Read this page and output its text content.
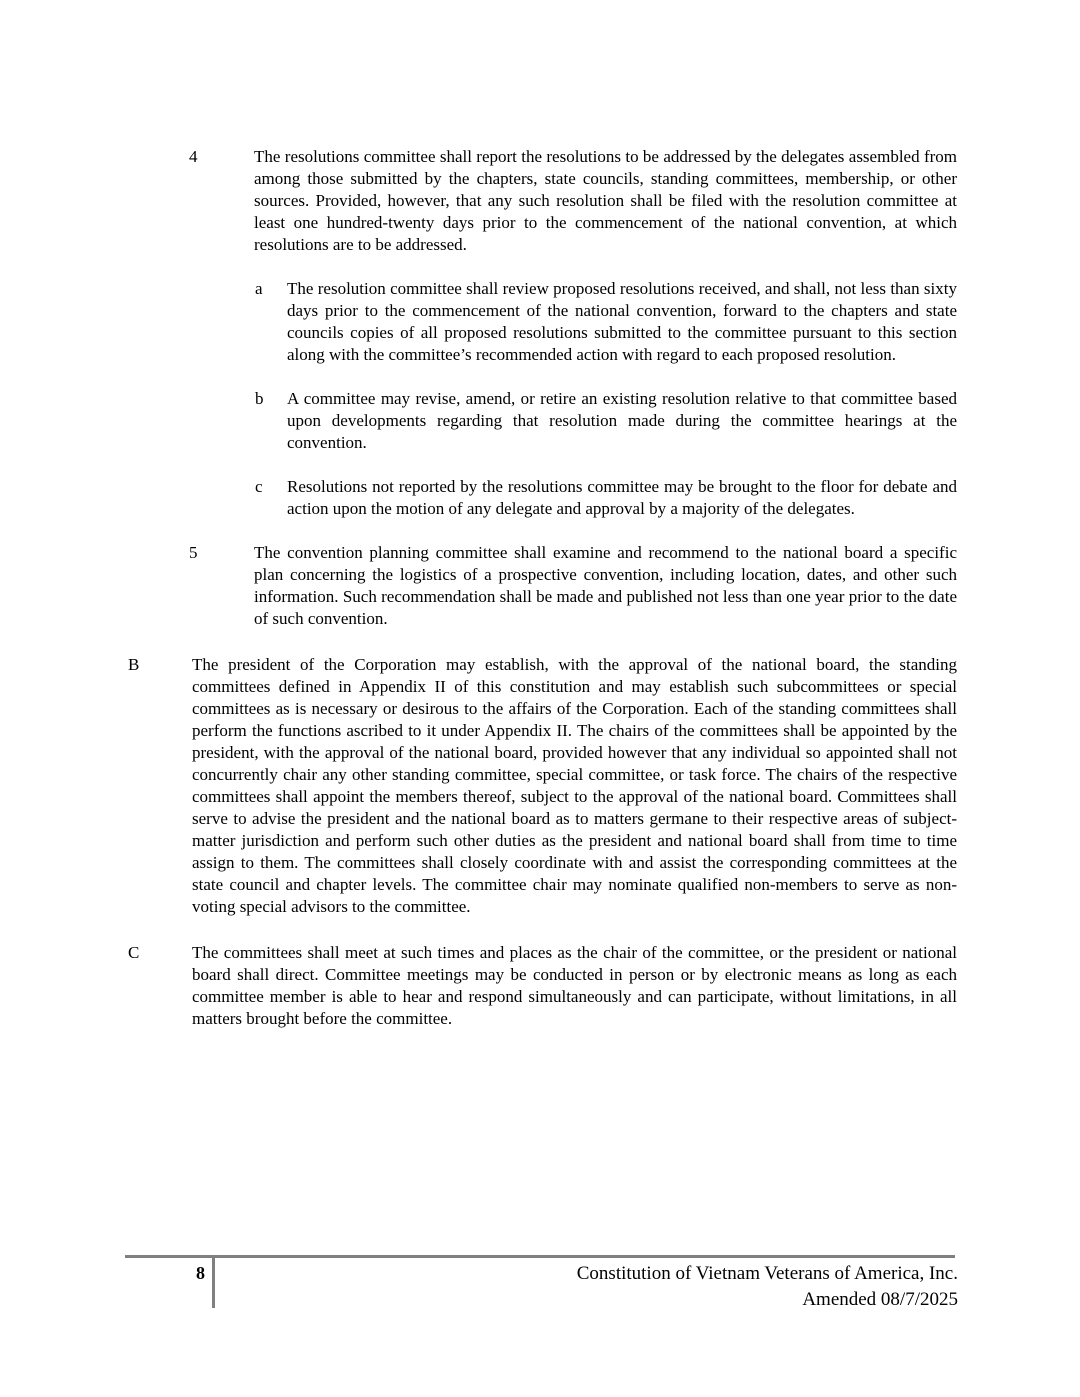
4	The resolutions committee shall report the resolutions to be addressed by the delegates assembled from among those submitted by the chapters, state councils, standing committees, membership, or other sources. Provided, however, that any such resolution shall be filed with the resolution committee at least one hundred-twenty days prior to the commencement of the national convention, at which resolutions are to be addressed.

a The resolution committee shall review proposed resolutions received, and shall, not less than sixty days prior to the commencement of the national convention, forward to the chapters and state councils copies of all proposed resolutions submitted to the committee pursuant to this section along with the committee’s recommended action with regard to each proposed resolution.

b A committee may revise, amend, or retire an existing resolution relative to that committee based upon developments regarding that resolution made during the committee hearings at the convention.

c Resolutions not reported by the resolutions committee may be brought to the floor for debate and action upon the motion of any delegate and approval by a majority of the delegates.

5	The convention planning committee shall examine and recommend to the national board a specific plan concerning the logistics of a prospective convention, including location, dates, and other such information. Such recommendation shall be made and published not less than one year prior to the date of such convention.

B	The president of the Corporation may establish, with the approval of the national board, the standing committees defined in Appendix II of this constitution and may establish such subcommittees or special committees as is necessary or desirous to the affairs of the Corporation. Each of the standing committees shall perform the functions ascribed to it under Appendix II. The chairs of the committees shall be appointed by the president, with the approval of the national board, provided however that any individual so appointed shall not concurrently chair any other standing committee, special committee, or task force. The chairs of the respective committees shall appoint the members thereof, subject to the approval of the national board. Committees shall serve to advise the president and the national board as to matters germane to their respective areas of subject-matter jurisdiction and perform such other duties as the president and national board shall from time to time assign to them. The committees shall closely coordinate with and assist the corresponding committees at the state council and chapter levels. The committee chair may nominate qualified non-members to serve as non-voting special advisors to the committee.

C	The committees shall meet at such times and places as the chair of the committee, or the president or national board shall direct. Committee meetings may be conducted in person or by electronic means as long as each committee member is able to hear and respond simultaneously and can participate, without limitations, in all matters brought before the committee.

8	Constitution of Vietnam Veterans of America, Inc.
Amended 08/7/2025
